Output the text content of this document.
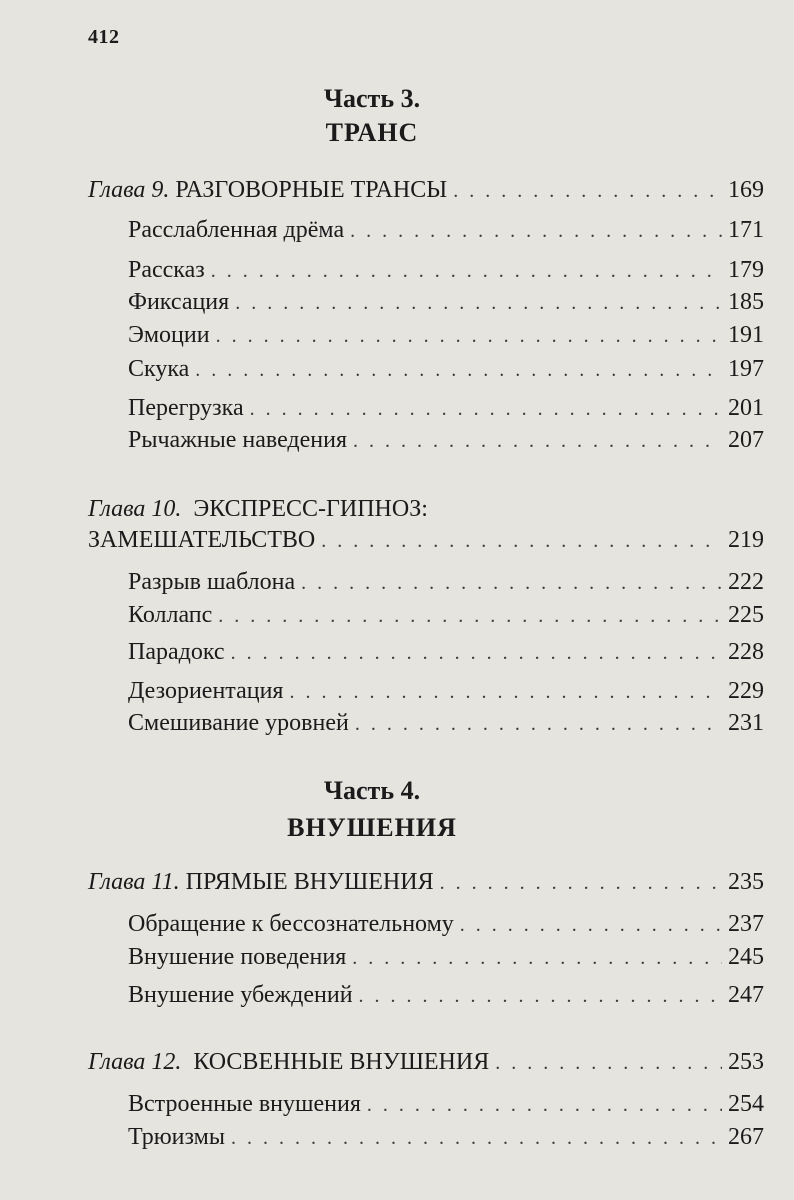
412
Часть 3.
ТРАНС
Глава 9. РАЗГОВОРНЫЕ ТРАНСЫ . . .	169
Расслабленная дрёма . . .	171
Рассказ . . .	179
Фиксация . . .	185
Эмоции . . .	191
Скука . . .	197
Перегрузка . . .	201
Рычажные наведения . . .	207
Глава 10. ЭКСПРЕСС-ГИПНОЗ:
ЗАМЕШАТЕЛЬСТВО . . .	219
Разрыв шаблона . . .	222
Коллапс . . .	225
Парадокс . . .	228
Дезориентация . . .	229
Смешивание уровней . . .	231
Часть 4.
ВНУШЕНИЯ
Глава 11. ПРЯМЫЕ ВНУШЕНИЯ . . .	235
Обращение к бессознательному . . .	237
Внушение поведения . . .	245
Внушение убеждений . . .	247
Глава 12. КОСВЕННЫЕ ВНУШЕНИЯ . . .	253
Встроенные внушения . . .	254
Трюизмы . . .	267
